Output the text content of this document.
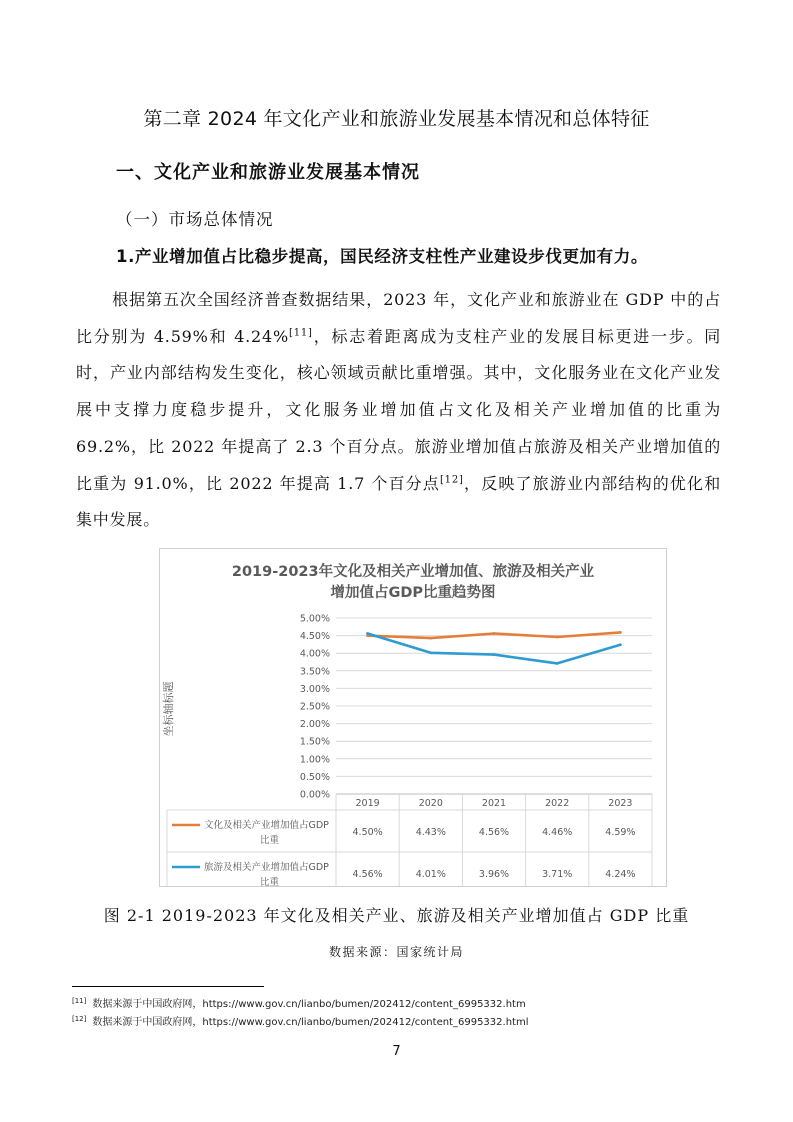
第二章 2024 年文化产业和旅游业发展基本情况和总体特征
一、文化产业和旅游业发展基本情况
（一）市场总体情况
1.产业增加值占比稳步提高，国民经济支柱性产业建设步伐更加有力。
根据第五次全国经济普查数据结果，2023 年，文化产业和旅游业在 GDP 中的占比分别为 4.59%和 4.24%[11]，标志着距离成为支柱产业的发展目标更进一步。同时，产业内部结构发生变化，核心领域贡献比重增强。其中，文化服务业在文化产业发展中支撑力度稳步提升，文化服务业增加值占文化及相关产业增加值的比重为 69.2%，比 2022 年提高了 2.3 个百分点。旅游业增加值占旅游及相关产业增加值的比重为 91.0%，比 2022 年提高 1.7 个百分点[12]，反映了旅游业内部结构的优化和集中发展。
2019-2023年文化及相关产业增加值、旅游及相关产业
增加值占GDP比重趋势图
坐标轴标题
0.00%
0.50%
1.00%
1.50%
2.00%
2.50%
3.00%
3.50%
4.00%
4.50%
5.00%
2019	2020	2021	2022	2023
文化及相关产业增加值占GDP
比重
4.50%	4.43%	4.56%	4.46%	4.59%
旅游及相关产业增加值占GDP
比重
4.56%	4.01%	3.96%	3.71%	4.24%
图 2-1 2019-2023 年文化及相关产业、旅游及相关产业增加值占 GDP 比重
数据来源：国家统计局
[11] 数据来源于中国政府网，https://www.gov.cn/lianbo/bumen/202412/content_6995332.htm
[12] 数据来源于中国政府网，https://www.gov.cn/lianbo/bumen/202412/content_6995332.html
7
